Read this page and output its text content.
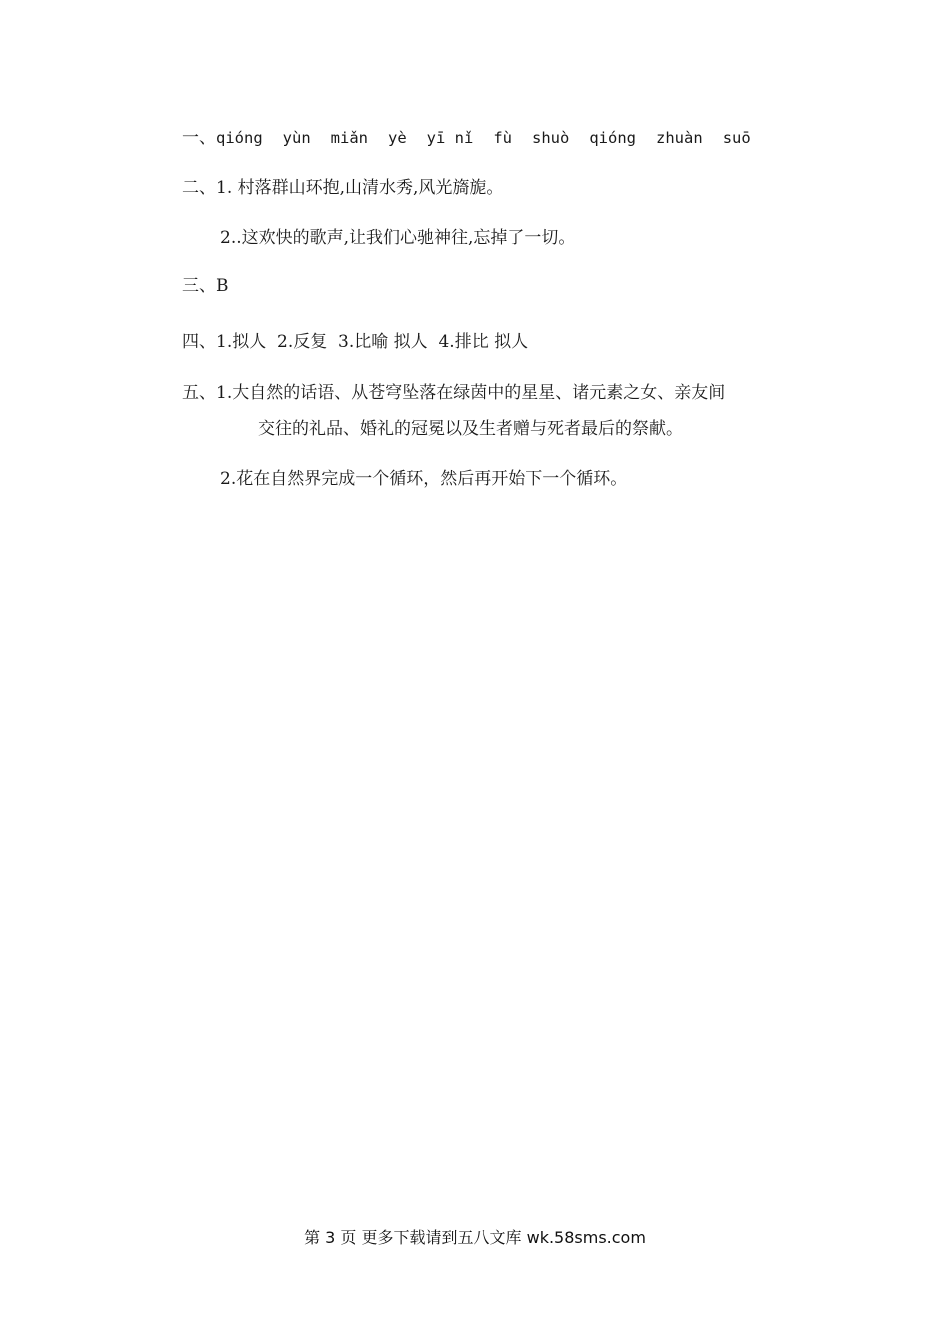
一、qióng yùn miǎn yè yī nǐ fù shuò qióng zhuàn suō
二、1. 村落群山环抱,山清水秀,风光旖旎。
2..这欢快的歌声,让我们心驰神往,忘掉了一切。
三、B
四、1.拟人  2.反复  3.比喻 拟人  4.排比 拟人
五、1.大自然的话语、从苍穹坠落在绿茵中的星星、诸元素之女、亲友间
交往的礼品、婚礼的冠冕以及生者赠与死者最后的祭献。
2.花在自然界完成一个循环，然后再开始下一个循环。
第 3 页 更多下载请到五八文库 wk.58sms.com
